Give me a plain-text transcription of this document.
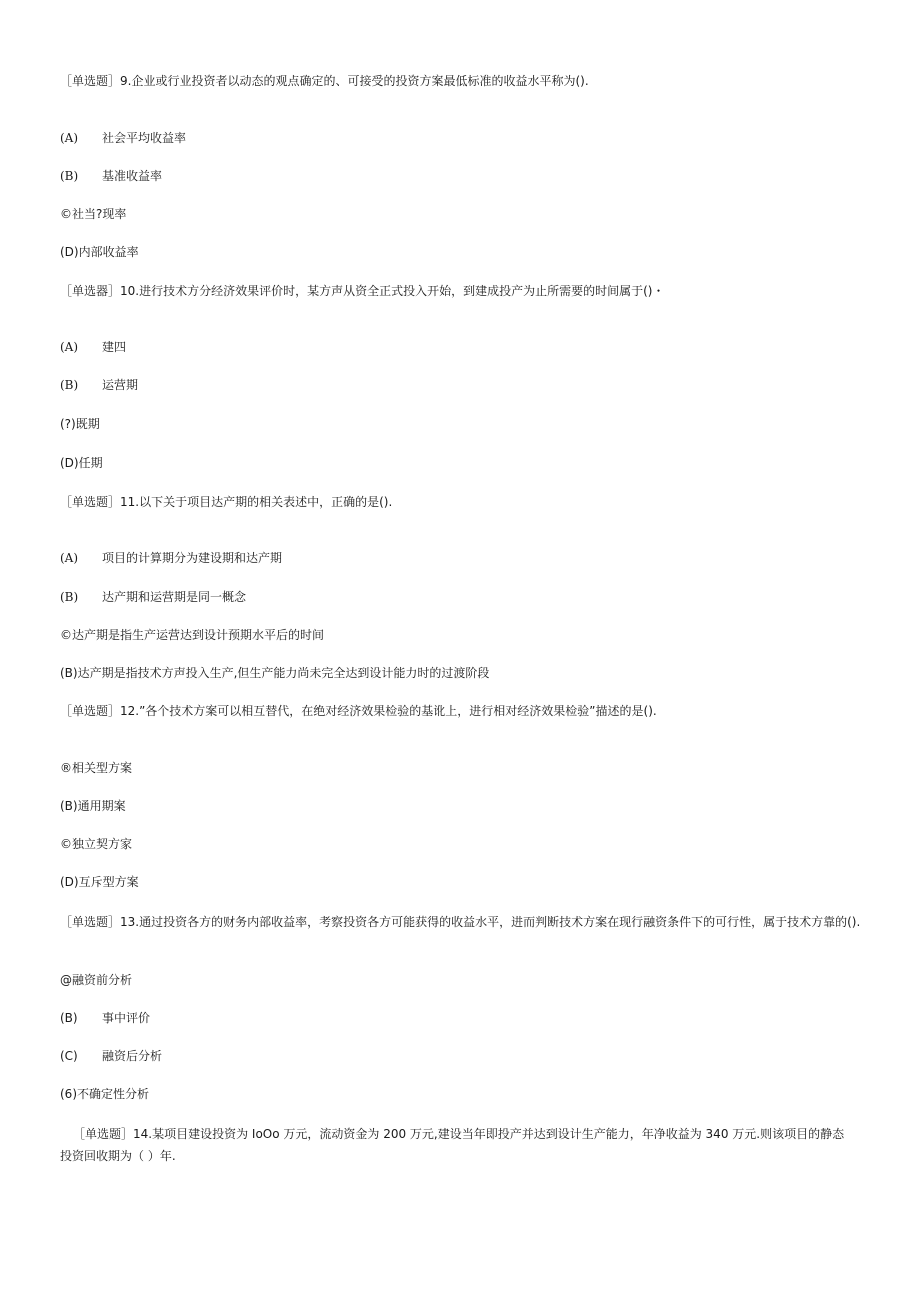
［单选题］9.企业或行业投资者以动态的观点确定的、可接受的投资方案最低标准的收益水平称为().
(A) 社会平均收益率
(B) 基准收益率
©社当?现率
(D)内部收益率
［单选器］10.进行技术方分经济效果评价时，某方声从资全正式投入开始，到建成投产为止所需要的时间属于()・
(A) 建四
(B) 运营期
(?)既期
(D)任期
［单选题］11.以下关于项目达产期的相关表述中，正确的是().
(A) 项目的计算期分为建设期和达产期
(B) 达产期和运营期是同一概念
©达产期是指生产运营达到设计预期水平后的时间
(B)达产期是指技术方声投入生产,但生产能力尚未完全达到设计能力时的过渡阶段
［单选题］12.”各个技术方案可以相互替代，在绝对经济效果检验的基讹上，进行相对经济效果检验”描述的是().
®相关型方案
(B)通用期案
©独立契方家
(D)互斥型方案
［单选题］13.通过投资各方的财务内部收益率，考察投资各方可能获得的收益水平，进而判断技术方案在现行融资条件下的可行性，属于技术方靠的().
@融资前分析
(B) 事中评价
(C) 融资后分析
(6)不确定性分析
［单选题］14.某项目建设投资为 IoOo 万元，流动资金为 200 万元,建设当年即投产并达到设计生产能力，年净收益为 340 万元.则该项目的静态投资回收期为（ ）年.
